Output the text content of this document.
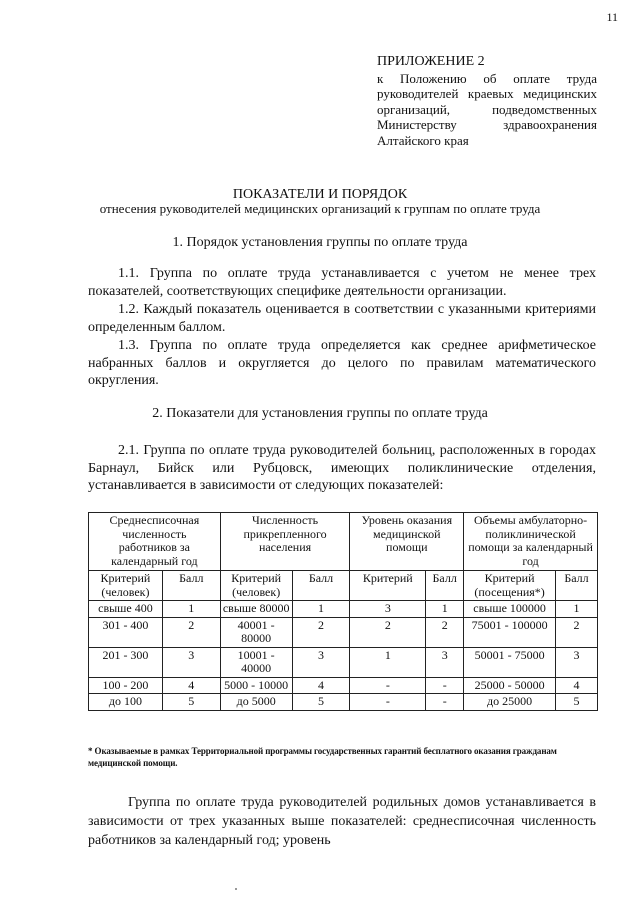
11
ПРИЛОЖЕНИЕ 2
к Положению об оплате труда руководителей краевых медицинских организаций, подведомственных Министерству здравоохранения Алтайского края
ПОКАЗАТЕЛИ И ПОРЯДОК
отнесения руководителей медицинских организаций к группам по оплате труда
1. Порядок установления группы по оплате труда
1.1. Группа по оплате труда устанавливается с учетом не менее трех показателей, соответствующих специфике деятельности организации.
1.2. Каждый показатель оценивается в соответствии с указанными критериями определенным баллом.
1.3. Группа по оплате труда определяется как среднее арифметическое набранных баллов и округляется до целого по правилам математического округления.
2. Показатели для установления группы по оплате труда
2.1. Группа по оплате труда руководителей больниц, расположенных в городах Барнаул, Бийск или Рубцовск, имеющих поликлинические отделения, устанавливается в зависимости от следующих показателей:
Среднесписочная численность работников за календарный год		Численность прикрепленного населения		Уровень оказания медицинской помощи		Объемы амбулаторно-поликлинической помощи за календарный год	
Критерий (человек)	Балл	Критерий (человек)	Балл	Критерий	Балл	Критерий (посещения*)	Балл
свыше 400	1	свыше 80000	1	3	1	свыше 100000	1
301 - 400	2	40001 - 80000	2	2	2	75001 - 100000	2
201 - 300	3	10001 - 40000	3	1	3	50001 - 75000	3
100 - 200	4	5000 - 10000	4	-	-	25000 - 50000	4
до 100	5	до 5000	5	-	-	до 25000	5
* Оказываемые в рамках Территориальной программы государственных гарантий бесплатного оказания гражданам медицинской помощи.
Группа по оплате труда руководителей родильных домов устанавливается в зависимости от трех указанных выше показателей: среднесписочная численность работников за календарный год; уровень
